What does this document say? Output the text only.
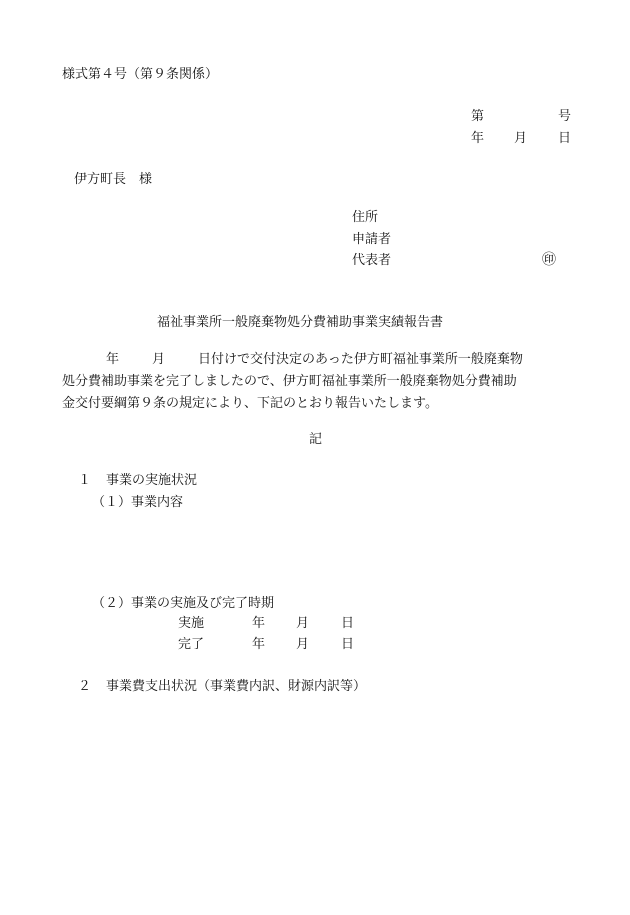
様式第４号（第９条関係）
第	号
年 月 日
伊方町長　様
住所
申請者
代表者	㊞
福祉事業所一般廃棄物処分費補助事業実績報告書

年	月	日付けで交付決定のあった伊方町福祉事業所一般廃棄物

処分費補助事業を完了しましたので、伊方町福祉事業所一般廃棄物処分費補助

金交付要綱第９条の規定により、下記のとおり報告いたします。

記
１ 事業の実施状況
（１）事業内容
（２）事業の実施及び完了時期
実施	年 月 日
完了	年 月 日
２ 事業費支出状況（事業費内訳、財源内訳等）
